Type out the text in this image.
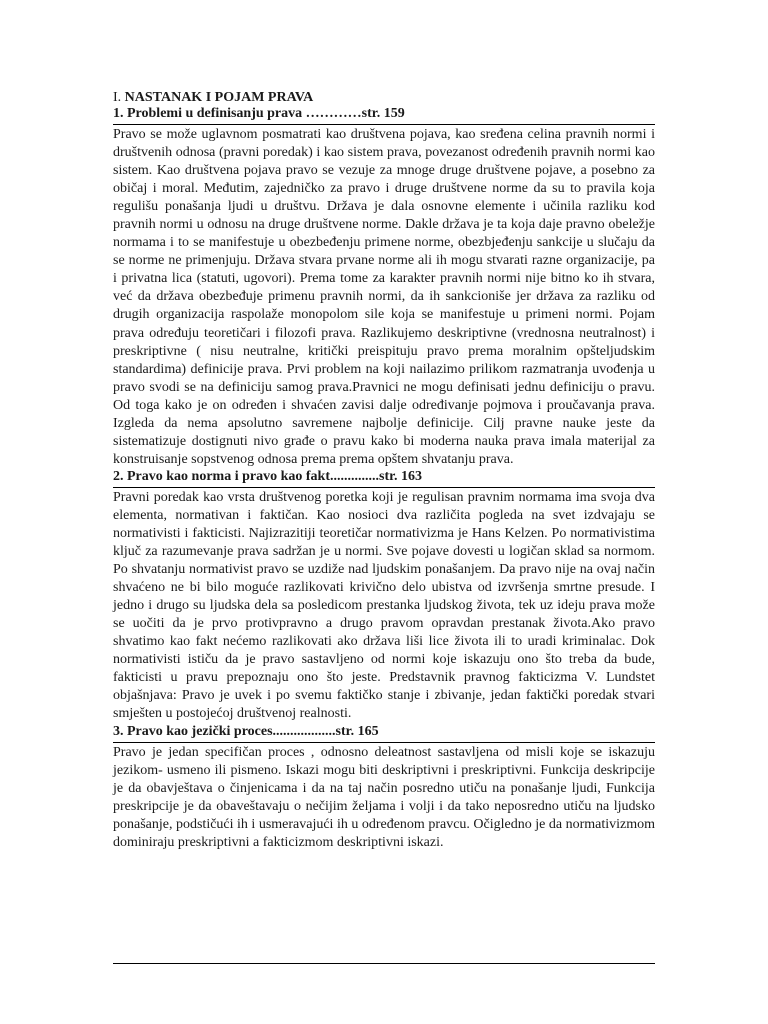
I. NASTANAK I POJAM PRAVA
1. Problemi u definisanju prava …………str. 159

Pravo se može uglavnom posmatrati kao društvena pojava, kao sređena celina pravnih normi i društvenih odnosa (pravni poredak) i kao sistem prava, povezanost određenih pravnih normi kao sistem. Kao društvena pojava pravo se vezuje za mnoge druge društvene pojave, a posebno za običaj i moral. Međutim, zajedničko za pravo i druge društvene norme da su to pravila koja regulišu ponašanja ljudi u društvu. Država je dala osnovne elemente i učinila razliku kod pravnih normi u odnosu na druge društvene norme. Dakle država je ta koja daje pravno obeležje normama i to se manifestuje u obezbeđenju primene norme, obezbjeđenju sankcije u slučaju da se norme ne primenjuju. Država stvara prvane norme ali ih mogu stvarati razne organizacije, pa i privatna lica (statuti, ugovori). Prema tome za karakter pravnih normi nije bitno ko ih stvara, već da država obezbeđuje primenu pravnih normi, da ih sankcioniše jer država za razliku od drugih organizacija raspolaže monopolom sile koja se manifestuje u primeni normi. Pojam prava određuju teoretičari i filozofi prava. Razlikujemo deskriptivne (vrednosna neutralnost) i preskriptivne ( nisu neutralne, kritički preispituju pravo prema moralnim opšteljudskim standardima) definicije prava. Prvi problem na koji nailazimo prilikom razmatranja uvođenja u pravo svodi se na definiciju samog prava.Pravnici ne mogu definisati jednu definiciju o pravu. Od toga kako je on određen i shvaćen zavisi dalje određivanje pojmova i proučavanja prava. Izgleda da nema apsolutno savremene najbolje definicije. Cilj pravne nauke jeste da sistematizuje dostignuti nivo građe o pravu kako bi moderna nauka prava imala materijal za konstruisanje sopstvenog odnosa prema prema opštem shvatanju prava.

2. Pravo kao norma i pravo kao fakt..............str. 163

Pravni poredak kao vrsta društvenog poretka koji je regulisan pravnim normama ima svoja dva elementa, normativan i faktičan. Kao nosioci dva različita pogleda na svet izdvajaju se normativisti i fakticisti. Najizrazitiji teoretičar normativizma je Hans Kelzen. Po normativistima ključ za razumevanje prava sadržan je u normi. Sve pojave dovesti u logičan sklad sa normom. Po shvatanju normativist pravo se uzdiže nad ljudskim ponašanjem. Da pravo nije na ovaj način shvaćeno ne bi bilo moguće razlikovati krivično delo ubistva od izvršenja smrtne presude. I jedno i drugo su ljudska dela sa posledicom prestanka ljudskog života, tek uz ideju prava može se uočiti da je prvo protivpravno a drugo pravom opravdan prestanak života.Ako pravo shvatimo kao fakt nećemo razlikovati ako država liši lice života ili to uradi kriminalac. Dok normativisti ističu da je pravo sastavljeno od normi koje iskazuju ono što treba da bude, fakticisti u pravu prepoznaju ono što jeste. Predstavnik pravnog fakticizma V. Lundstet objašnjava: Pravo je uvek i po svemu faktičko stanje i zbivanje, jedan faktički poredak stvari smješten u postojećoj društvenoj realnosti.

3. Pravo kao jezički proces..................str. 165

Pravo je jedan specifičan proces , odnosno deleatnost sastavljena od misli koje se iskazuju jezikom- usmeno ili pismeno. Iskazi mogu biti deskriptivni i preskriptivni. Funkcija deskripcije je da obavještava o činjenicama i da na taj način posredno utiču na ponašanje ljudi, Funkcija preskripcije je da obaveštavaju o nečijim željama i volji i da tako neposredno utiču na ljudsko ponašanje, podstičući ih i usmeravajući ih u određenom pravcu. Očigledno je da normativizmom dominiraju preskriptivni a fakticizmom deskriptivni iskazi.
